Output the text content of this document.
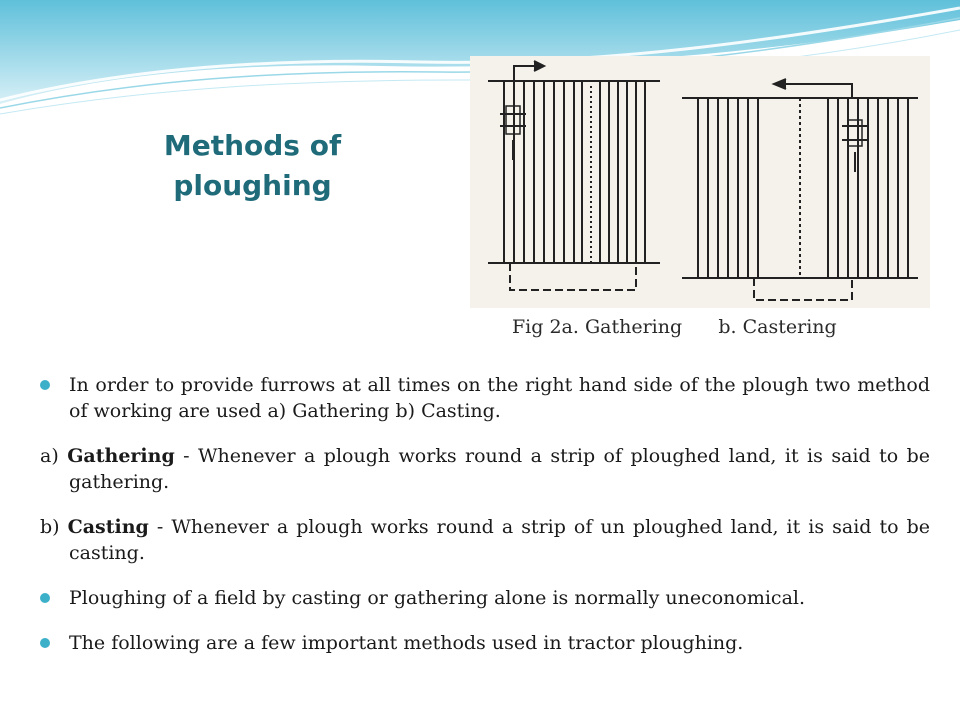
Methods of
ploughing
Fig 2a. Gathering      b. Castering

In order to provide furrows at all times on the right hand side of the plough two method of working are used a) Gathering b) Casting.

a) Gathering - Whenever a plough works round a strip of ploughed land, it is said to be gathering.

b) Casting - Whenever a plough works round a strip of un ploughed land, it is said to be casting.

Ploughing of a field by casting or gathering alone is normally uneconomical.

The following are a few important methods used in tractor ploughing.
